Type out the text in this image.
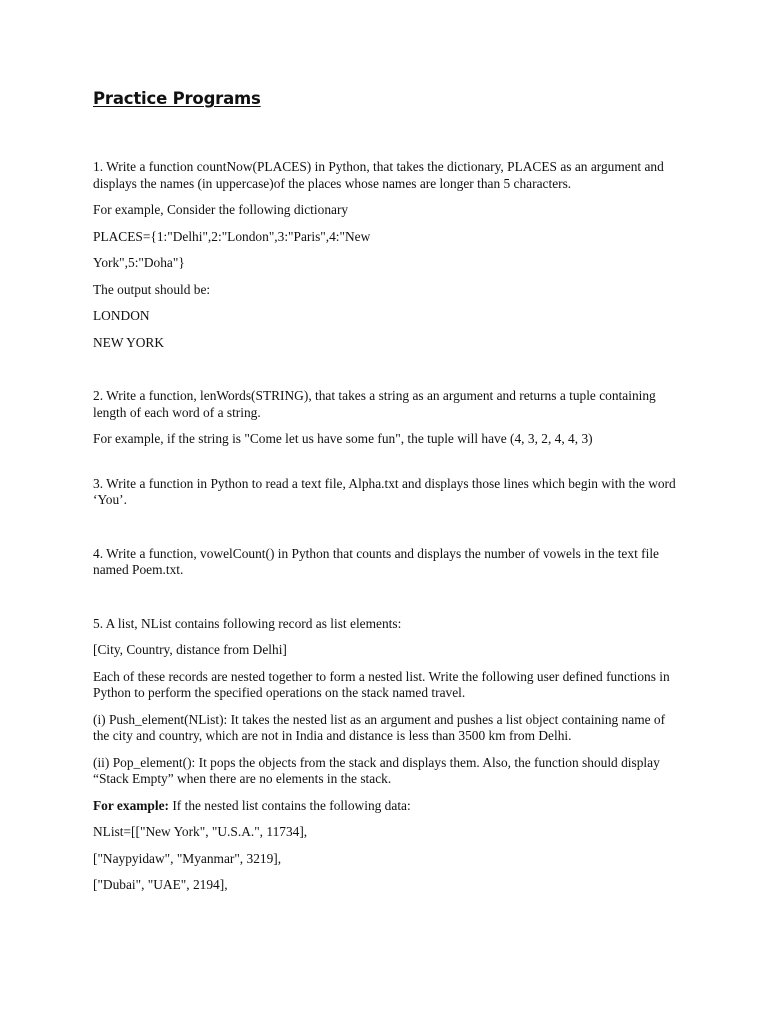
Practice Programs

1. Write a function countNow(PLACES) in Python, that takes the dictionary, PLACES as an argument and displays the names (in uppercase)of the places whose names are longer than 5 characters.

For example, Consider the following dictionary

PLACES={1:"Delhi",2:"London",3:"Paris",4:"New

York",5:"Doha"}

The output should be:

LONDON

NEW YORK

2. Write a function, lenWords(STRING), that takes a string as an argument and returns a tuple containing length of each word of a string.

For example, if the string is "Come let us have some fun", the tuple will have (4, 3, 2, 4, 4, 3)

3. Write a function in Python to read a text file, Alpha.txt and displays those lines which begin with the word ‘You’.

4. Write a function, vowelCount() in Python that counts and displays the number of vowels in the text file named Poem.txt.

5. A list, NList contains following record as list elements:

[City, Country, distance from Delhi]

Each of these records are nested together to form a nested list. Write the following user defined functions in Python to perform the specified operations on the stack named travel.

(i) Push_element(NList): It takes the nested list as an argument and pushes a list object containing name of the city and country, which are not in India and distance is less than 3500 km from Delhi.

(ii) Pop_element(): It pops the objects from the stack and displays them. Also, the function should display “Stack Empty” when there are no elements in the stack.

For example: If the nested list contains the following data:

NList=[["New York", "U.S.A.", 11734],

["Naypyidaw", "Myanmar", 3219],

["Dubai", "UAE", 2194],
